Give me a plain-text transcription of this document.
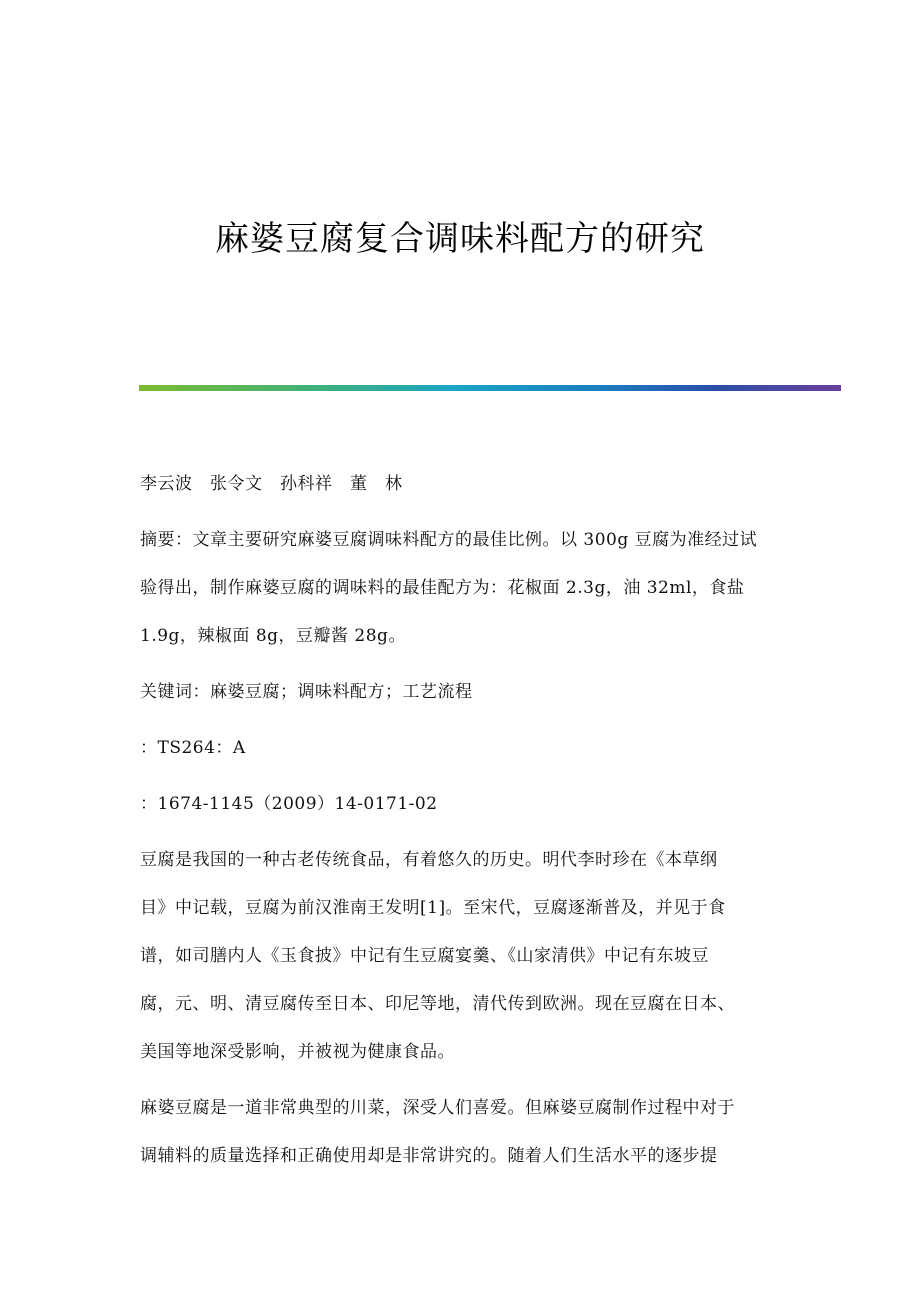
麻婆豆腐复合调味料配方的研究
李云波　张令文　孙科祥　董　林
摘要：文章主要研究麻婆豆腐调味料配方的最佳比例。以 300g 豆腐为准经过试
验得出，制作麻婆豆腐的调味料的最佳配方为：花椒面 2.3g，油 32ml，食盐
1.9g，辣椒面 8g，豆瓣酱 28g。
关键词：麻婆豆腐；调味料配方；工艺流程
：TS264：A
：1674-1145（2009）14-0171-02
豆腐是我国的一种古老传统食品，有着悠久的历史。明代李时珍在《本草纲
目》中记载，豆腐为前汉淮南王发明[1]。至宋代，豆腐逐渐普及，并见于食
谱，如司膳内人《玉食披》中记有生豆腐宴羹、《山家清供》中记有东坡豆
腐，元、明、清豆腐传至日本、印尼等地，清代传到欧洲。现在豆腐在日本、
美国等地深受影响，并被视为健康食品。
麻婆豆腐是一道非常典型的川菜，深受人们喜爱。但麻婆豆腐制作过程中对于
调辅料的质量选择和正确使用却是非常讲究的。随着人们生活水平的逐步提
